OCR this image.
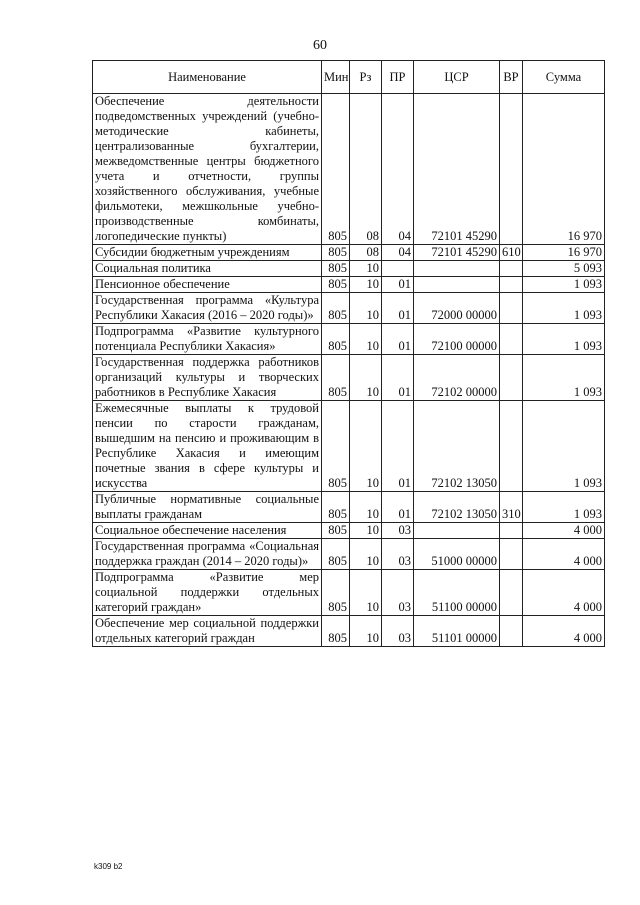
60
Наименование	Мин	Рз	ПР	ЦСР	ВР	Сумма
Обеспечение деятельности подведомственных учреждений (учебно-методические кабинеты, централизованные бухгалтерии, межведомственные центры бюджетного учета и отчетности, группы хозяйственного обслуживания, учебные фильмотеки, межшкольные учебно-производственные комбинаты, логопедические пункты)	805	08	04	72101 45290		16 970
Субсидии бюджетным учреждениям	805	08	04	72101 45290	610	16 970
Социальная политика	805	10				5 093
Пенсионное обеспечение	805	10	01			1 093
Государственная программа «Культура Республики Хакасия (2016 – 2020 годы)»	805	10	01	72000 00000		1 093
Подпрограмма «Развитие культурного потенциала Республики Хакасия»	805	10	01	72100 00000		1 093
Государственная поддержка работников организаций культуры и творческих работников в Республике Хакасия	805	10	01	72102 00000		1 093
Ежемесячные выплаты к трудовой пенсии по старости гражданам, вышедшим на пенсию и проживающим в Республике Хакасия и имеющим почетные звания в сфере культуры и искусства	805	10	01	72102 13050		1 093
Публичные нормативные социальные выплаты гражданам	805	10	01	72102 13050	310	1 093
Социальное обеспечение населения	805	10	03			4 000
Государственная программа «Социальная поддержка граждан (2014 – 2020 годы)»	805	10	03	51000 00000		4 000
Подпрограмма «Развитие мер социальной поддержки отдельных категорий граждан»	805	10	03	51100 00000		4 000
Обеспечение мер социальной поддержки отдельных категорий граждан	805	10	03	51101 00000		4 000
k309 b2
